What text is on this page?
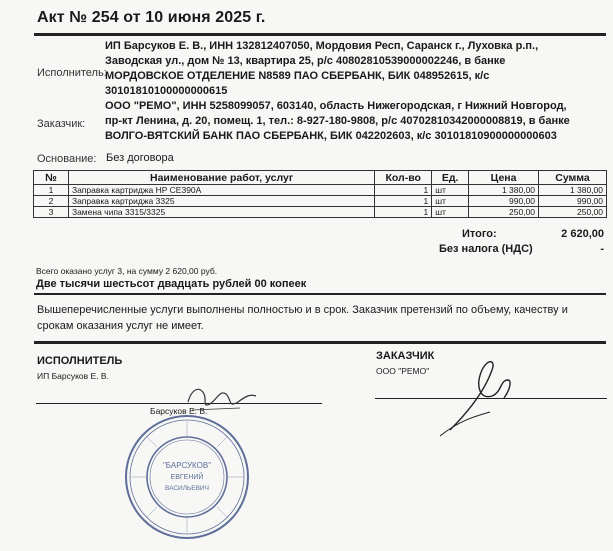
Акт № 254 от 10 июня 2025 г.
Исполнитель:
ИП Барсуков Е. В., ИНН 132812407050, Мордовия Респ, Саранск г., Луховка р.п.,
Заводская ул., дом № 13, квартира 25, р/с 40802810539000002246, в банке
МОРДОВСКОЕ ОТДЕЛЕНИЕ N8589 ПАО СБЕРБАНК, БИК 048952615, к/с
30101810100000000615
Заказчик:
ООО "РЕМО", ИНН 5258099057, 603140, область Нижегородская, г Нижний Новгород,
пр-кт Ленина, д. 20, помещ. 1, тел.: 8-927-180-9808, р/с 40702810342000008819, в банке
ВОЛГО-ВЯТСКИЙ БАНК ПАО СБЕРБАНК, БИК 042202603, к/с 30101810900000000603
Основание: Без договора
№	Наименование работ, услуг	Кол-во	Ед.	Цена	Сумма
1	Заправка картриджа HP CE390A	1	шт	1 380,00	1 380,00
2	Заправка картриджа 3325	1	шт	990,00	990,00
3	Замена чипа 3315/3325	1	шт	250,00	250,00
Итого:	2 620,00
Без налога (НДС)	-
Всего оказано услуг 3, на сумму 2 620,00 руб.
Две тысячи шестьсот двадцать рублей 00 копеек
Вышеперечисленные услуги выполнены полностью и в срок. Заказчик претензий по объему, качеству и
срокам оказания услуг не имеет.
ИСПОЛНИТЕЛЬ
ИП Барсуков Е. В.
Барсуков Е. В.
ЗАКАЗЧИК
ООО "РЕМО"
"БАРСУКОВ"
ЕВГЕНИЙ
ВАСИЛЬЕВИЧ
